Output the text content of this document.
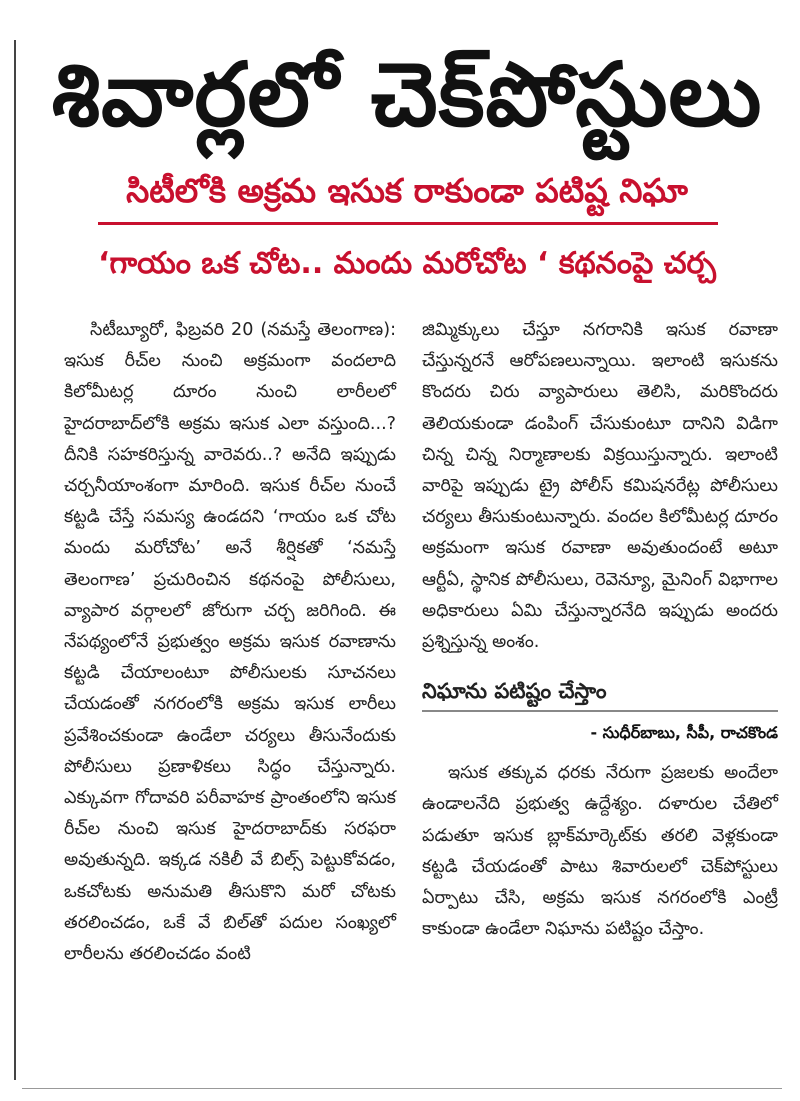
శివార్లలో చెక్‌పోస్టులు
సిటీలోకి అక్రమ ఇసుక రాకుండా పటిష్ట నిఘా
‘గాయం ఒక చోట.. మందు మరోచోట ‘ కథనంపై చర్చ

సిటీబ్యూరో, ఫిబ్రవరి 20 (నమస్తే తెలంగాణ): ఇసుక రీచ్‌ల నుంచి అక్రమంగా వందలాది కిలోమీటర్ల దూరం నుంచి లారీలలో హైదరాబాద్‌లోకి అక్రమ ఇసుక ఎలా వస్తుంది...? దీనికి సహకరిస్తున్న వారెవరు..? అనేది ఇప్పుడు చర్చనీయాంశంగా మారింది. ఇసుక రీచ్‌ల నుంచే కట్టడి చేస్తే సమస్య ఉండదని ‘గాయం ఒక చోట మందు మరోచోట’ అనే శీర్షికతో ‘నమస్తే తెలంగాణ’ ప్రచురించిన కథనంపై పోలీసులు, వ్యాపార వర్గాలలో జోరుగా చర్చ జరిగింది. ఈ నేపథ్యంలోనే ప్రభుత్వం అక్రమ ఇసుక రవాణాను కట్టడి చేయాలంటూ పోలీసులకు సూచనలు చేయడంతో నగరంలోకి అక్రమ ఇసుక లారీలు ప్రవేశించకుండా ఉండేలా చర్యలు తీసునేందుకు పోలీసులు ప్రణాళికలు సిద్ధం చేస్తున్నారు. ఎక్కువగా గోదావరి పరీవాహక ప్రాంతంలోని ఇసుక రీచ్‌ల నుంచి ఇసుక హైదరాబాద్‌కు సరఫరా అవుతున్నది. ఇక్కడ నకిలీ వే బిల్స్ పెట్టుకోవడం, ఒకచోటకు అనుమతి తీసుకొని మరో చోటకు తరలించడం, ఒకే వే బిల్‌తో పదుల సంఖ్యలో లారీలను తరలించడం వంటి

జిమ్మిక్కులు చేస్తూ నగరానికి ఇసుక రవాణా చేస్తున్నరనే ఆరోపణలున్నాయి. ఇలాంటి ఇసుకను కొందరు చిరు వ్యాపారులు తెలిసి, మరికొందరు తెలియకుండా డంపింగ్ చేసుకుంటూ దానిని విడిగా చిన్న చిన్న నిర్మాణాలకు విక్రయిస్తున్నారు. ఇలాంటి వారిపై ఇప్పుడు ట్రై పోలీస్ కమిషనరేట్ల పోలీసులు చర్యలు తీసుకుంటున్నారు. వందల కిలోమీటర్ల దూరం అక్రమంగా ఇసుక రవాణా అవుతుందంటే అటూ ఆర్టీఏ, స్థానిక పోలీసులు, రెవెన్యూ, మైనింగ్ విభాగాల అధికారులు ఏమి చేస్తున్నారనేది ఇప్పుడు అందరు ప్రశ్నిస్తున్న అంశం.

నిఘాను పటిష్టం చేస్తాం
- సుధీర్‌బాబు, సీపీ, రాచకొండ

ఇసుక తక్కువ ధరకు నేరుగా ప్రజలకు అందేలా ఉండాలనేది ప్రభుత్వ ఉద్దేశ్యం. దళారుల చేతిలో పడుతూ ఇసుక బ్లాక్‌మార్కెట్‌కు తరలి వెళ్లకుండా కట్టడి చేయడంతో పాటు శివారులలో చెక్‌పోస్టులు ఏర్పాటు చేసి, అక్రమ ఇసుక నగరంలోకి ఎంట్రీ కాకుండా ఉండేలా నిఘాను పటిష్టం చేస్తాం.
